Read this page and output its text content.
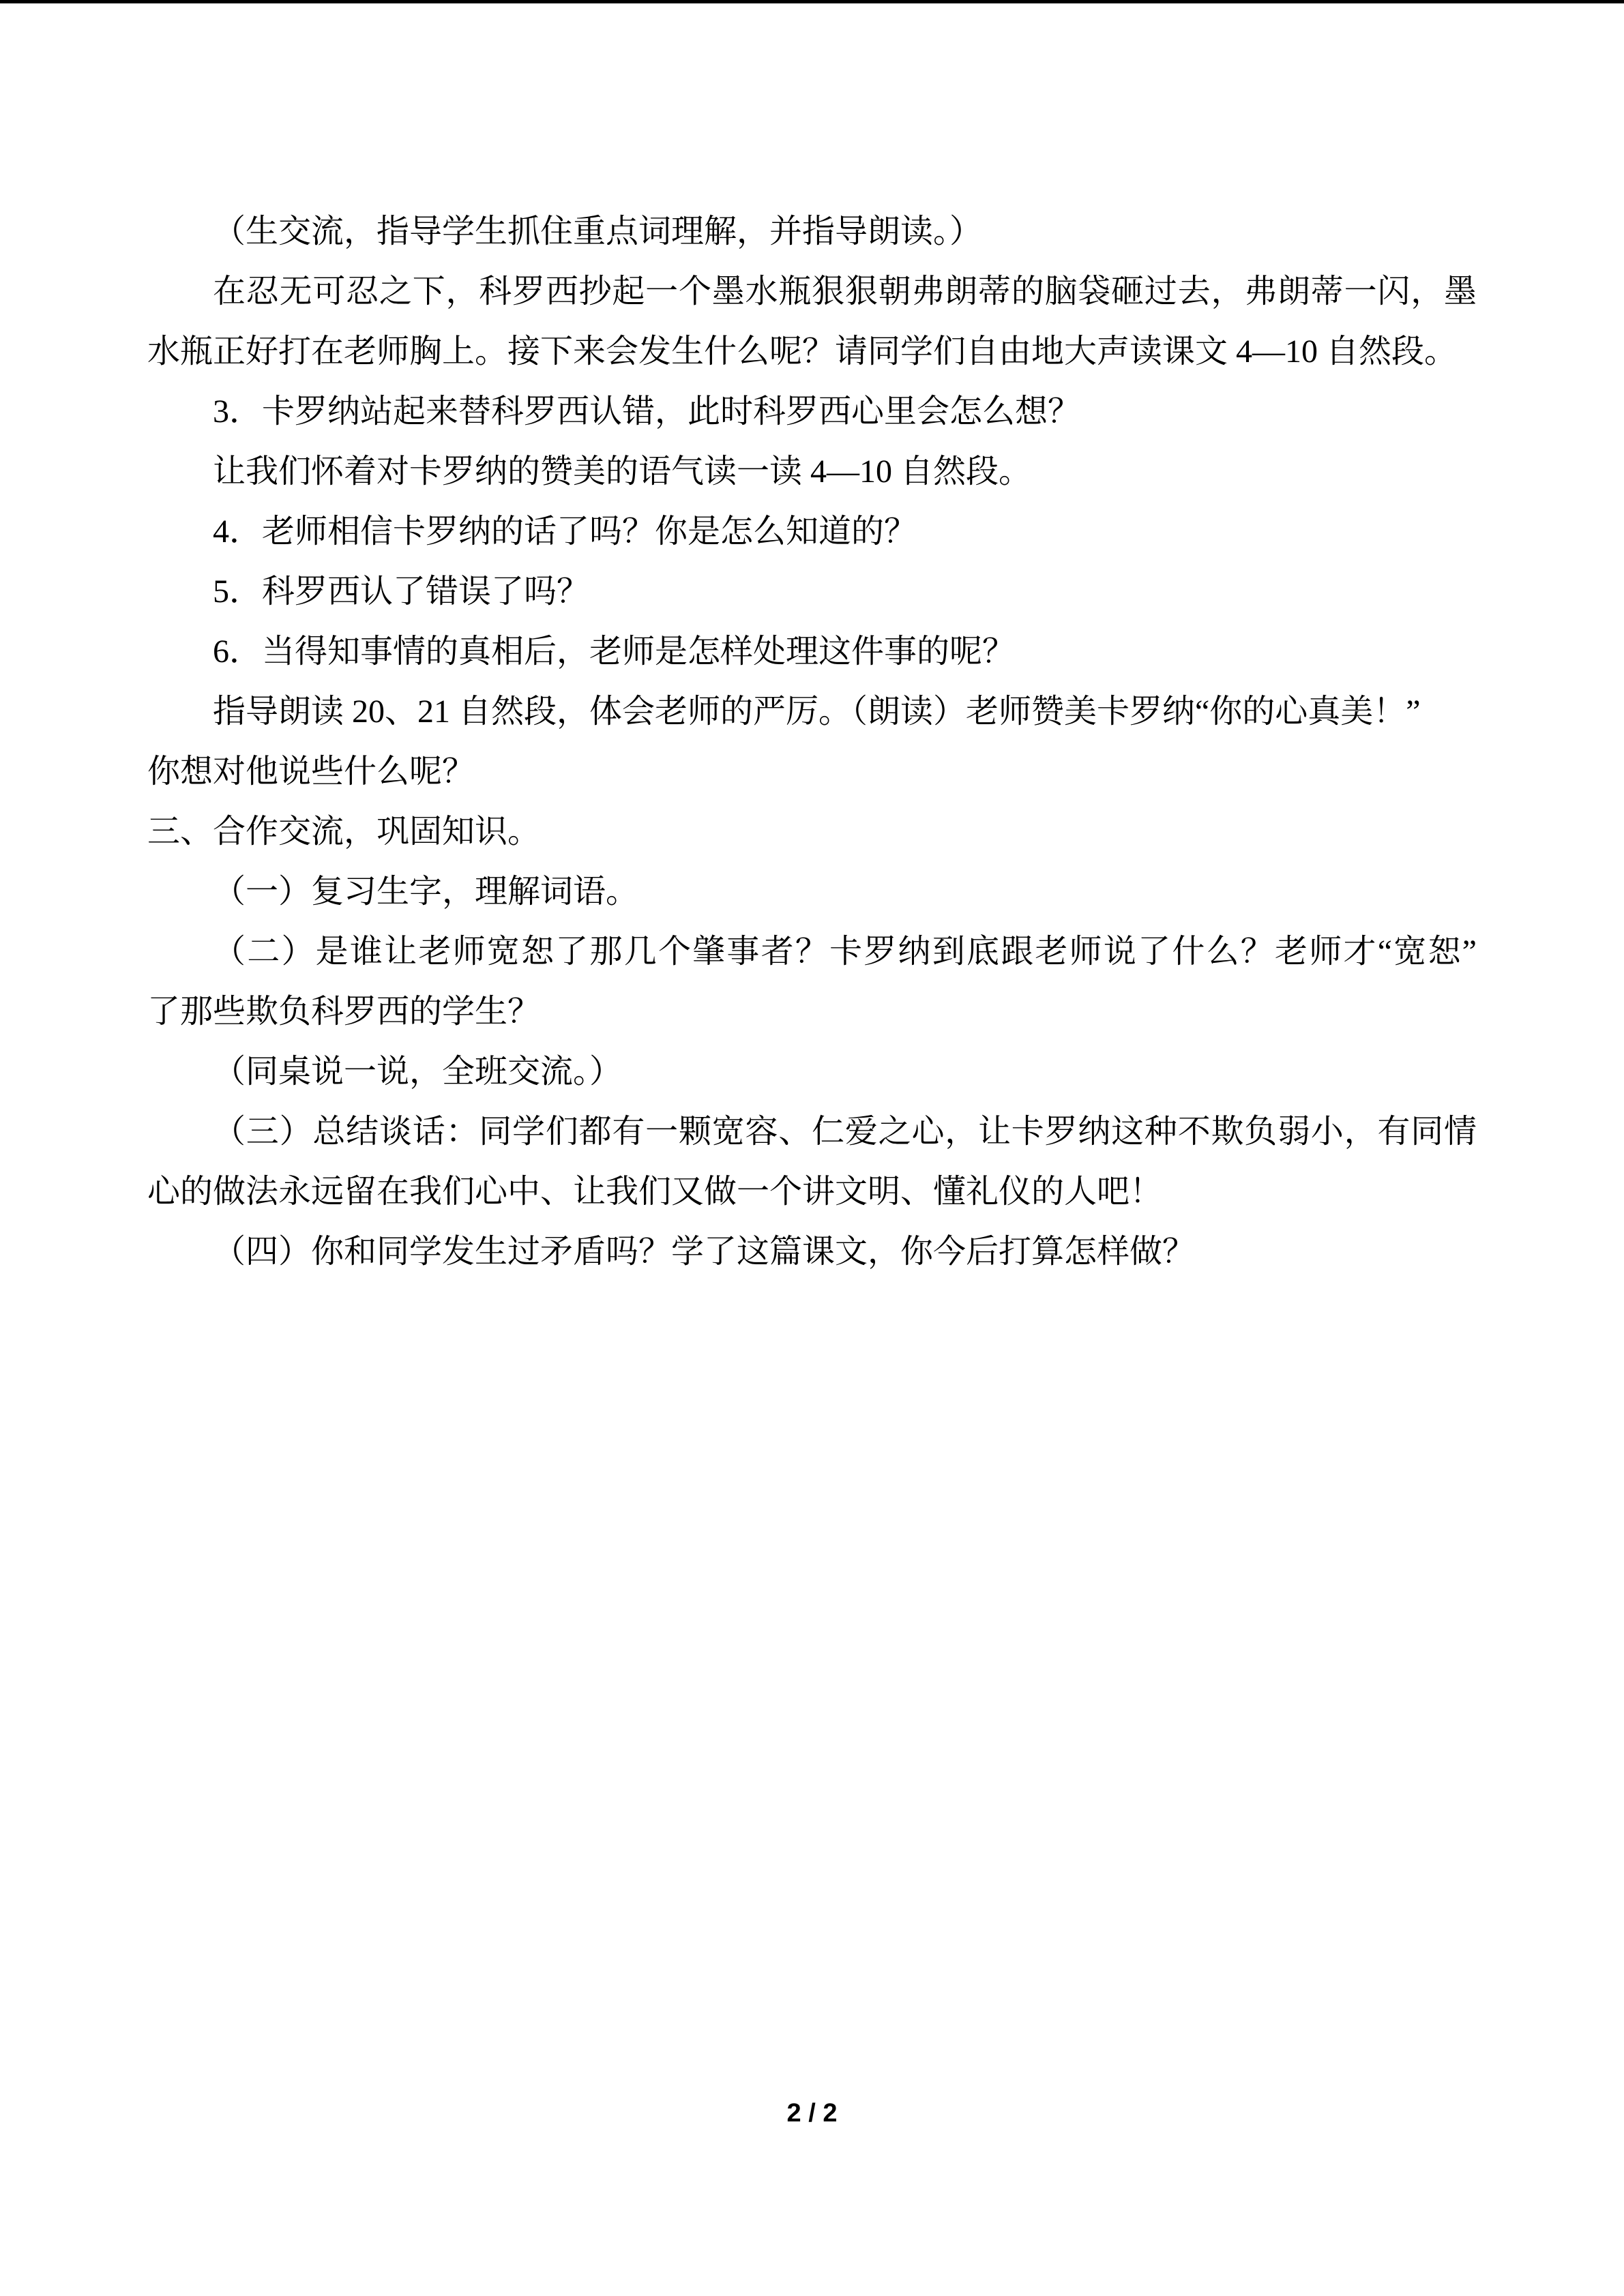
（生交流，指导学生抓住重点词理解，并指导朗读。）
在忍无可忍之下，科罗西抄起一个墨水瓶狠狠朝弗朗蒂的脑袋砸过去，弗朗蒂一闪，墨
水瓶正好打在老师胸上。接下来会发生什么呢？请同学们自由地大声读课文 4—10 自然段。
3．卡罗纳站起来替科罗西认错，此时科罗西心里会怎么想？
让我们怀着对卡罗纳的赞美的语气读一读 4—10 自然段。
4．老师相信卡罗纳的话了吗？你是怎么知道的？
5．科罗西认了错误了吗？
6．当得知事情的真相后，老师是怎样处理这件事的呢？
指导朗读 20、21 自然段，体会老师的严厉。（朗读）老师赞美卡罗纳“你的心真美！”
你想对他说些什么呢？
三、合作交流，巩固知识。
（一）复习生字，理解词语。
（二）是谁让老师宽恕了那几个肇事者？卡罗纳到底跟老师说了什么？老师才“宽恕”
了那些欺负科罗西的学生？
（同桌说一说，全班交流。）
（三）总结谈话：同学们都有一颗宽容、仁爱之心，让卡罗纳这种不欺负弱小，有同情
心的做法永远留在我们心中、让我们又做一个讲文明、懂礼仪的人吧！
（四）你和同学发生过矛盾吗？学了这篇课文，你今后打算怎样做？
2 / 2
